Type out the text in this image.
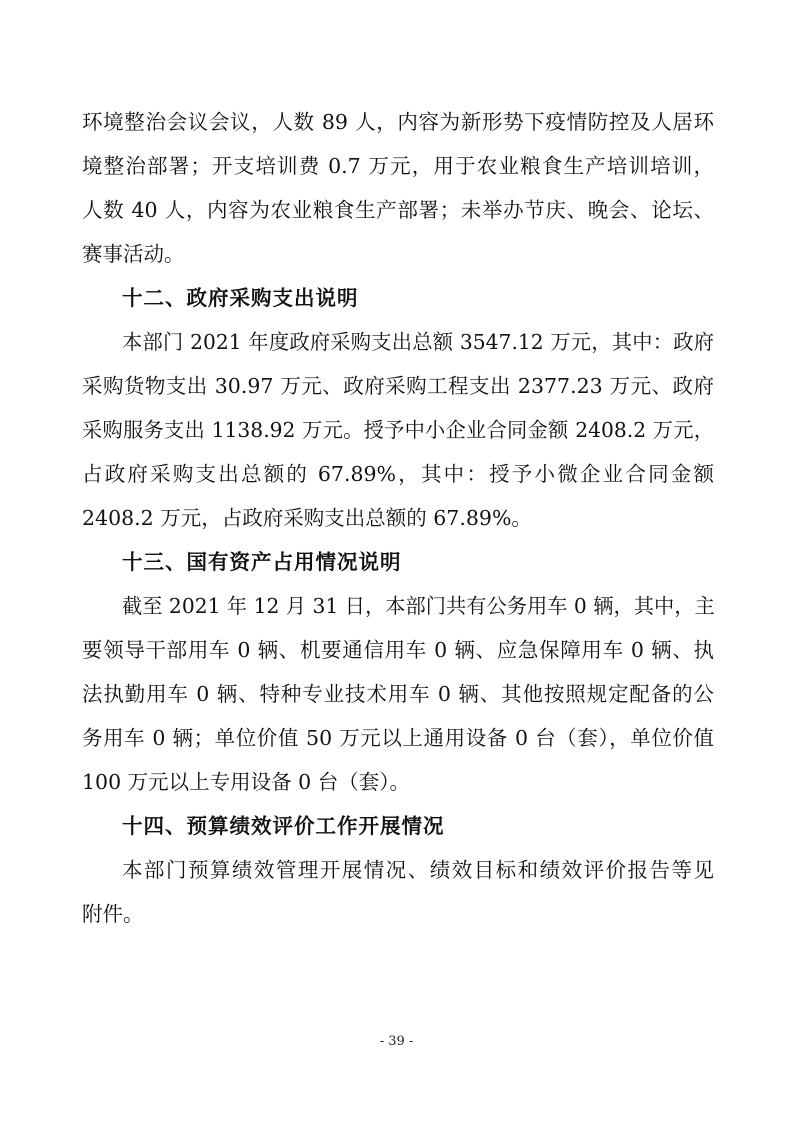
环境整治会议会议，人数 89 人，内容为新形势下疫情防控及人居环
境整治部署；开支培训费 0.7 万元，用于农业粮食生产培训培训，
人数 40 人，内容为农业粮食生产部署；未举办节庆、晚会、论坛、
赛事活动。
十二、政府采购支出说明
本部门 2021 年度政府采购支出总额 3547.12 万元，其中：政府
采购货物支出 30.97 万元、政府采购工程支出 2377.23 万元、政府
采购服务支出 1138.92 万元。授予中小企业合同金额 2408.2 万元，
占政府采购支出总额的 67.89%，其中：授予小微企业合同金额
2408.2 万元，占政府采购支出总额的 67.89%。
十三、国有资产占用情况说明
截至 2021 年 12 月 31 日，本部门共有公务用车 0 辆，其中，主
要领导干部用车 0 辆、机要通信用车 0 辆、应急保障用车 0 辆、执
法执勤用车 0 辆、特种专业技术用车 0 辆、其他按照规定配备的公
务用车 0 辆；单位价值 50 万元以上通用设备 0 台（套），单位价值
100 万元以上专用设备 0 台（套）。
十四、预算绩效评价工作开展情况
本部门预算绩效管理开展情况、绩效目标和绩效评价报告等见
附件。
- 39 -
